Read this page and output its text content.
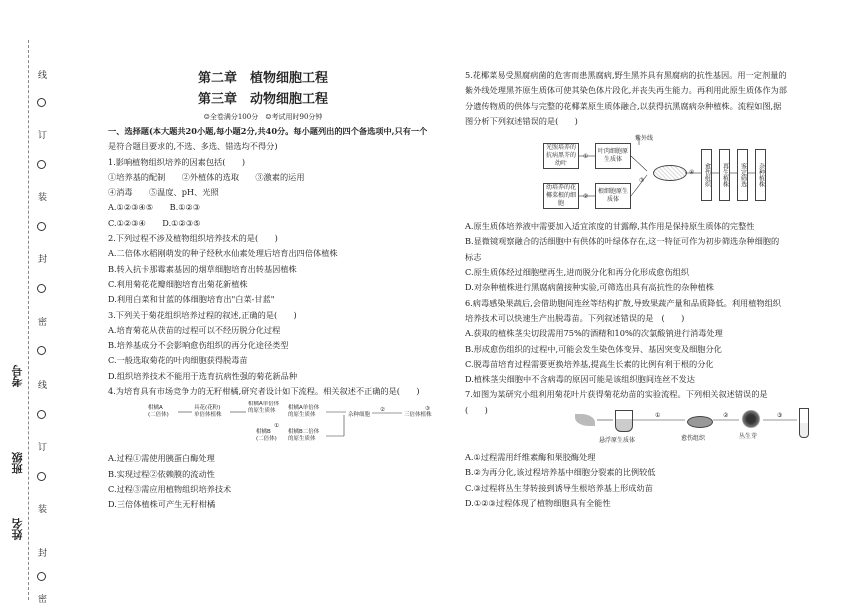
线
订
装
封
密
线
订
装
封
密
考号
班级
姓名
第二章　植物细胞工程
第三章　动物细胞工程
☺全卷满分100分　☺考试用时90分钟

一、选择题(本大题共20小题,每小题2分,共40分。每小题列出的四个备选项中,只有一个

是符合题目要求的,不选、多选、错选均不得分)

1.影响植物组织培养的因素包括(　　)

①培养基的配制　　②外植体的选取　　③激素的运用

④消毒　　⑤温度、pH、光照

A.①②③④⑤　　B.①②③

C.①②③④　　D.①②③⑤

2.下列过程不涉及植物组织培养技术的是(　　)

A.二倍体水稻刚萌发的种子经秋水仙素处理后培育出四倍体植株

B.转入抗卡那霉素基因的烟草细胞培育出转基因植株

C.利用菊花花瓣细胞培育出菊花新植株

D.利用白菜和甘蓝的体细胞培育出"白菜-甘蓝"

3.下列关于菊花组织培养过程的叙述,正确的是(　　)

A.培育菊花从茯苗的过程可以不经历脱分化过程

B.培养基成分不会影响愈伤组织的再分化途径类型

C.一般选取菊花的叶肉细胞获得脱毒苗

D.组织培养技术不能用于选育抗病性强的菊花新品种

4.为培育具有市场竞争力的无籽柑橘,研究者设计如下流程。相关叙述不正确的是(　　)

柑橘A
(二倍体)
具花(花粉)
单倍体植株
柑橘A单倍体
的原生质体 柑橘A单倍体
的原生质体	杂种细胞	三倍体植株
柑橘B
(二倍体)
柑橘B二倍体
的原生质体
②	③
①

A.过程①需使用胰蛋白酶处理

B.实现过程②依赖膜的流动性

C.过程③需应用植物组织培养技术

D.三倍体植株可产生无籽柑橘

5.花椰菜易受黑腐病菌的危害而患黑腐病,野生黑芥具有黑腐病的抗性基因。用一定剂量的

紫外线处理黑芥原生质体可使其染色体片段化,并丧失再生能力。再利用此原生质体作为部

分遗传物质的供体与完整的花椰菜原生质体融合,以获得抗黑腐病杂种植株。流程如图,据

图分析下列叙述错误的是(　　)

光照培养的抗病黑芥的幼叶
叶肉细胞原生质体
幼培养的花椰菜根的细胞
根细胞原生质体
紫外线
愈伤组织	再生植株	鉴定筛选	杂种植株
①
②
③
④

A.原生质体培养液中需要加入适宜浓度的甘露醇,其作用是保持原生质体的完整性

B.显微镜观察融合的活细胞中有供体的叶绿体存在,这一特征可作为初步筛选杂种细胞的

标志

C.原生质体经过细胞壁再生,进而脱分化和再分化形成愈伤组织

D.对杂种植株进行黑腐病菌接种实验,可筛选出具有高抗性的杂种植株

6.病毒感染果蔬后,会借助胞间连丝等结构扩散,导致果蔬产量和品质降低。利用植物组织

培养技术可以快速生产出脱毒苗。下列叙述错误的是　(　　)

A.获取的植株茎尖切段需用75%的酒精和10%的次氯酸钠进行消毒处理

B.形成愈伤组织的过程中,可能会发生染色体变异、基因突变及细胞分化

C.脱毒苗培育过程需要更换培养基,提高生长素的比例有利于根的分化

D.植株茎尖细胞中不含病毒的原因可能是该组织胞间连丝不发达

7.如图为某研究小组利用菊花叶片获得菊花幼苗的实验流程。下列相关叙述错误的是

(　　)

①	②	③
悬浮原生质体	愈伤组织	丛生芽

A.①过程需用纤维素酶和果胶酶处理

B.②为再分化,该过程培养基中细胞分裂素的比例较低

C.③过程将丛生芽转接到诱导生根培养基上形成幼苗

D.①②③过程体现了植物细胞具有全能性
